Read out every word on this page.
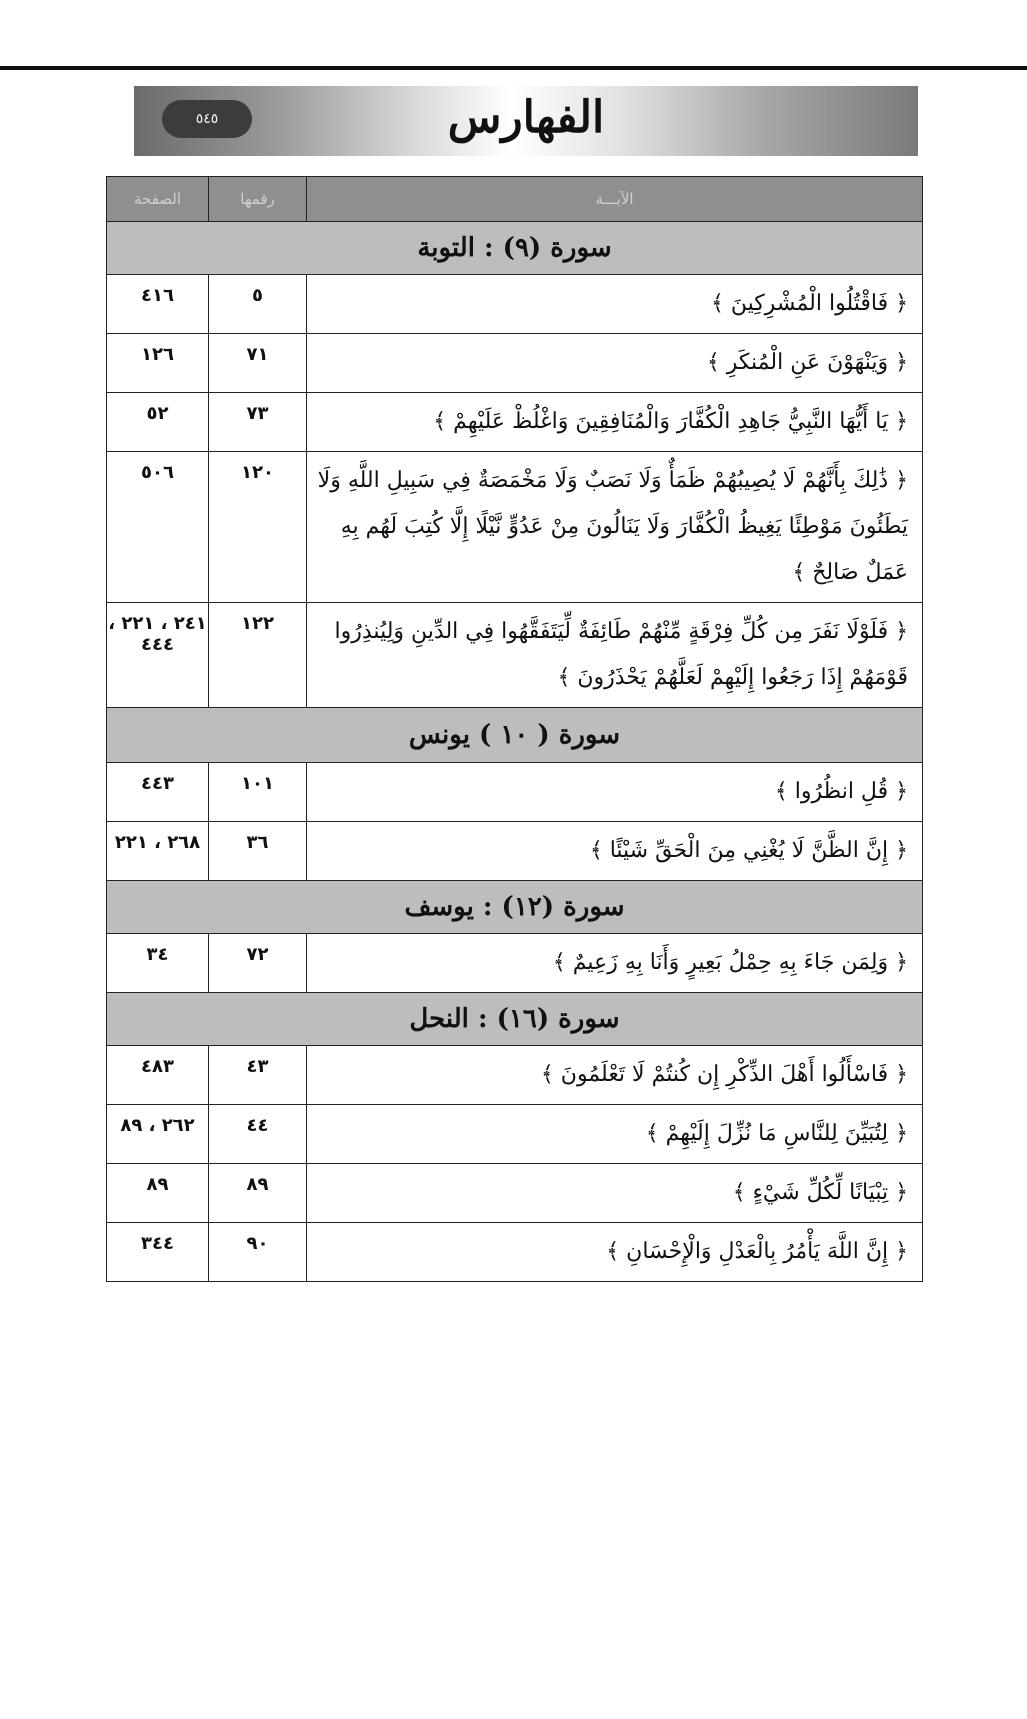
٥٤٥	الفهارس
الآيـــة	رقمها	الصفحة
سورة (٩) : التوبة		
﴿ فَاقْتُلُوا الْمُشْرِكِينَ ﴾	٥	٤١٦
﴿ وَيَنْهَوْنَ عَنِ الْمُنكَرِ ﴾	٧١	١٢٦
﴿ يَا أَيُّهَا النَّبِيُّ جَاهِدِ الْكُفَّارَ وَالْمُنَافِقِينَ وَاغْلُظْ عَلَيْهِمْ ﴾	٧٣	٥٢
﴿ ذَٰلِكَ بِأَنَّهُمْ لَا يُصِيبُهُمْ ظَمَأٌ وَلَا نَصَبٌ وَلَا مَخْمَصَةٌ فِي سَبِيلِ اللَّهِ وَلَا يَطَئُونَ مَوْطِئًا يَغِيظُ الْكُفَّارَ وَلَا يَنَالُونَ مِنْ عَدُوٍّ نَّيْلًا إِلَّا كُتِبَ لَهُم بِهِ عَمَلٌ صَالِحٌ ﴾	١٢٠	٥٠٦
﴿ فَلَوْلَا نَفَرَ مِن كُلِّ فِرْقَةٍ مِّنْهُمْ طَائِفَةٌ لِّيَتَفَقَّهُوا فِي الدِّينِ وَلِيُنذِرُوا قَوْمَهُمْ إِذَا رَجَعُوا إِلَيْهِمْ لَعَلَّهُمْ يَحْذَرُونَ ﴾	١٢٢	٢٤١ ، ٢٢١ ، ٤٤٤
سورة ( ١٠ ) يونس		
﴿ قُلِ انظُرُوا ﴾	١٠١	٤٤٣
﴿ إِنَّ الظَّنَّ لَا يُغْنِي مِنَ الْحَقِّ شَيْئًا ﴾	٣٦	٢٦٨ ، ٢٢١
سورة (١٢) : يوسف		
﴿ وَلِمَن جَاءَ بِهِ حِمْلُ بَعِيرٍ وَأَنَا بِهِ زَعِيمٌ ﴾	٧٢	٣٤
سورة (١٦) : النحل		
﴿ فَاسْأَلُوا أَهْلَ الذِّكْرِ إِن كُنتُمْ لَا تَعْلَمُونَ ﴾	٤٣	٤٨٣
﴿ لِتُبَيِّنَ لِلنَّاسِ مَا نُزِّلَ إِلَيْهِمْ ﴾	٤٤	٢٦٢ ، ٨٩
﴿ تِبْيَانًا لِّكُلِّ شَيْءٍ ﴾	٨٩	٨٩
﴿ إِنَّ اللَّهَ يَأْمُرُ بِالْعَدْلِ وَالْإِحْسَانِ ﴾	٩٠	٣٤٤
